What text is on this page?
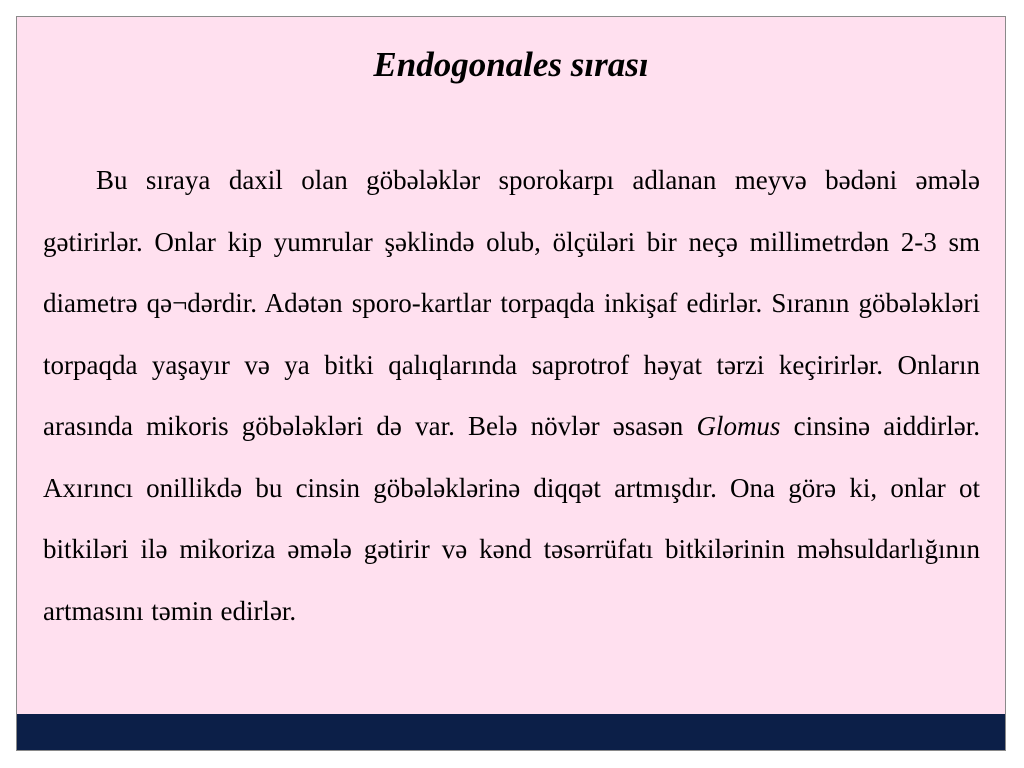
Endogonales sırası

Bu sıraya daxil olan göbələklər sporokarpı adlanan meyvə bədəni əmələ gətirirlər. Onlar kip yumrular şəklində olub, ölçüləri bir neçə millimetrdən 2-3 sm diametrə qə¬dərdir. Adətən sporo-kartlar torpaqda inkişaf edirlər. Sıranın göbələkləri torpaqda yaşayır və ya bitki qalıqlarında saprotrof həyat tərzi keçirirlər. Onların arasında mikoris göbələkləri də var. Belə növlər əsasən Glomus cinsinə aiddirlər. Axırıncı onillikdə bu cinsin göbələklərinə diqqət artmışdır. Ona görə ki, onlar ot bitkiləri ilə mikoriza əmələ gətirir və kənd təsərrüfatı bitkilərinin məhsuldarlığının artmasını təmin edirlər.
